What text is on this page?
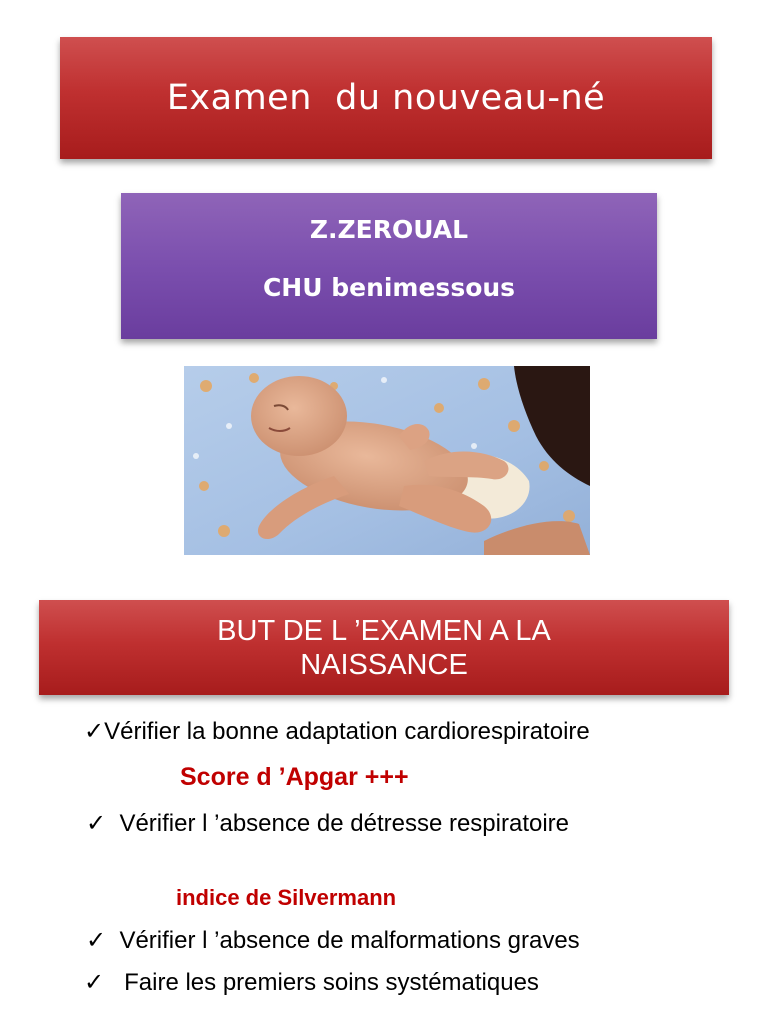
Examen  du nouveau-né
Z.ZEROUAL
CHU benimessous
BUT DE L ’EXAMEN A LA
NAISSANCE
✓Vérifier la bonne adaptation cardiorespiratoire
Score d ’Apgar +++
✓ Vérifier l ’absence de détresse respiratoire
indice de Silvermann
✓ Vérifier l ’absence de malformations graves
✓ Faire les premiers soins systématiques
